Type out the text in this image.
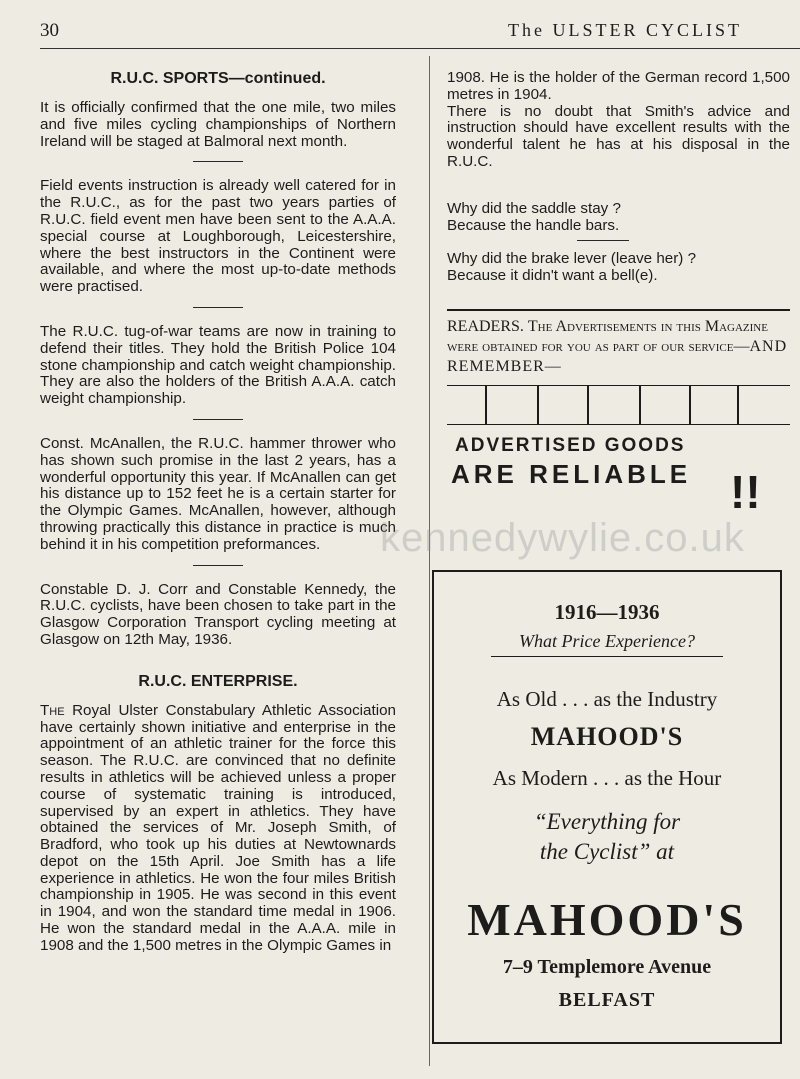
30	The ULSTER CYCLIST
R.U.C. SPORTS—continued.

It is officially confirmed that the one mile, two miles and five miles cycling championships of Northern Ireland will be staged at Balmoral next month.

Field events instruction is already well catered for in the R.U.C., as for the past two years parties of R.U.C. field event men have been sent to the A.A.A. special course at Loughborough, Leicestershire, where the best instructors in the Continent were available, and where the most up-to-date methods were practised.

The R.U.C. tug-of-war teams are now in training to defend their titles. They hold the British Police 104 stone championship and catch weight championship. They are also the holders of the British A.A.A. catch weight championship.

Const. McAnallen, the R.U.C. hammer thrower who has shown such promise in the last 2 years, has a wonderful opportunity this year. If McAnallen can get his distance up to 152 feet he is a certain starter for the Olympic Games. McAnallen, however, although throwing practically this distance in practice is much behind it in his competition preformances.

Constable D. J. Corr and Constable Kennedy, the R.U.C. cyclists, have been chosen to take part in the Glasgow Corporation Transport cycling meeting at Glasgow on 12th May, 1936.

R.U.C. ENTERPRISE.

The Royal Ulster Constabulary Athletic Association have certainly shown initiative and enterprise in the appointment of an athletic trainer for the force this season. The R.U.C. are convinced that no definite results in athletics will be achieved unless a proper course of systematic training is introduced, supervised by an expert in athletics. They have obtained the services of Mr. Joseph Smith, of Bradford, who took up his duties at Newtownards depot on the 15th April. Joe Smith has a life experience in athletics. He won the four miles British championship in 1905. He was second in this event in 1904, and won the standard time medal in 1906. He won the standard medal in the A.A.A. mile in 1908 and the 1,500 metres in the Olympic Games in

1908. He is the holder of the German record 1,500 metres in 1904.

There is no doubt that Smith's advice and instruction should have excellent results with the wonderful talent he has at his disposal in the R.U.C.

Why did the saddle stay ?

Because the handle bars.

Why did the brake lever (leave her) ?

Because it didn't want a bell(e).

READERS. The Advertisements in this Magazine were obtained for you as part of our service—AND REMEMBER—

ADVERTISED GOODS
ARE RELIABLE !!
1916—1936
What Price Experience?
As Old . . . as the Industry
MAHOOD'S
As Modern . . . as the Hour
“Everything for
the Cyclist” at
MAHOOD'S
7–9 Templemore Avenue
BELFAST
kennedywylie.co.uk
